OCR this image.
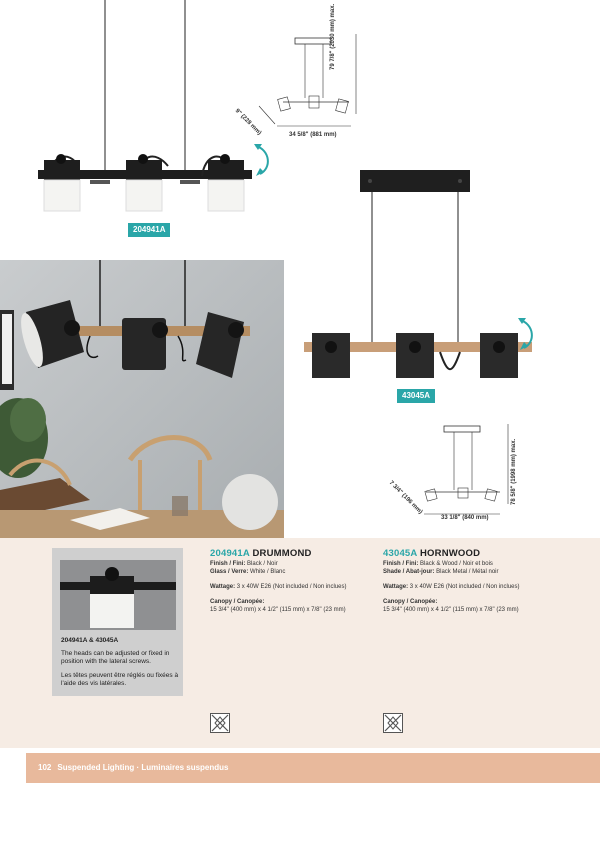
204941A
79 7/8" (2030 mm) max.
34 5/8" (881 mm)
9" (228 mm)
43045A
78 5/8" (1998 mm) max.
33 1/8" (840 mm)
7 3/4" (196 mm)
204941A & 43045A
The heads can be adjusted or fixed in position with the lateral screws.
Les têtes peuvent être réglés ou fixées à l'aide des vis latérales.
204941A DRUMMOND
Finish / Fini: Black / Noir
Glass / Verre: White / Blanc
Wattage: 3 x 40W E26 (Not included / Non inclues)
Canopy / Canopée:
15 3/4" (400 mm) x 4 1/2" (115 mm) x 7/8" (23 mm)
43045A HORNWOOD
Finish / Fini: Black & Wood / Noir et bois
Shade / Abat-jour: Black Metal / Métal noir
Wattage: 3 x 40W E26 (Not included / Non inclues)
Canopy / Canopée:
15 3/4" (400 mm) x 4 1/2" (115 mm) x 7/8" (23 mm)
102 Suspended Lighting · Luminaires suspendus
